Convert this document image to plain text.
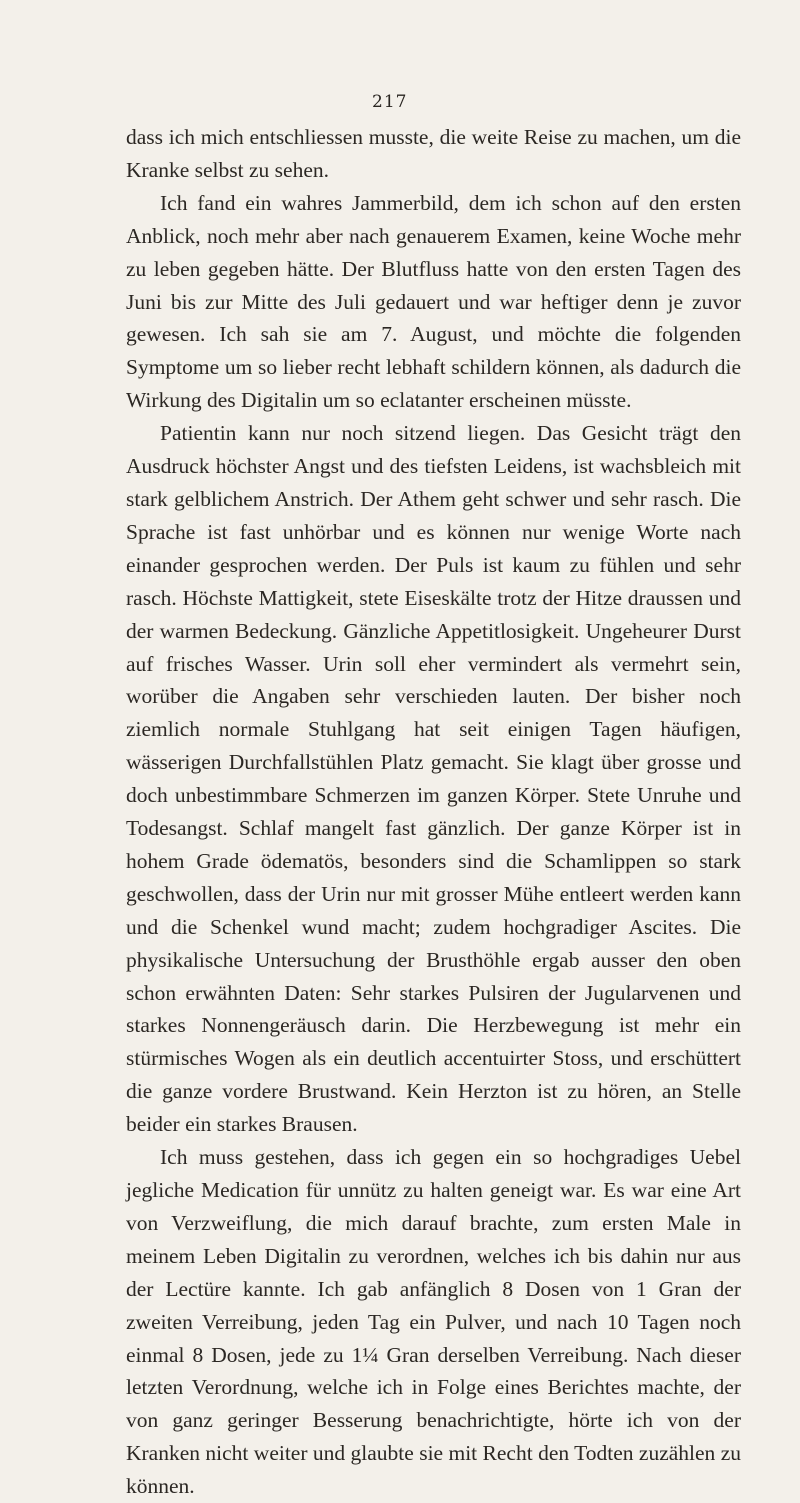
217

dass ich mich entschliessen musste, die weite Reise zu machen, um die Kranke selbst zu sehen.

Ich fand ein wahres Jammerbild, dem ich schon auf den ersten Anblick, noch mehr aber nach genauerem Examen, keine Woche mehr zu leben gegeben hätte. Der Blutfluss hatte von den ersten Tagen des Juni bis zur Mitte des Juli gedauert und war heftiger denn je zuvor gewesen. Ich sah sie am 7. August, und möchte die folgenden Symptome um so lieber recht lebhaft schildern können, als dadurch die Wirkung des Digitalin um so eclatanter erscheinen müsste.

Patientin kann nur noch sitzend liegen. Das Gesicht trägt den Ausdruck höchster Angst und des tiefsten Leidens, ist wachsbleich mit stark gelblichem Anstrich. Der Athem geht schwer und sehr rasch. Die Sprache ist fast unhörbar und es können nur wenige Worte nach einander gesprochen werden. Der Puls ist kaum zu fühlen und sehr rasch. Höchste Mattigkeit, stete Eiseskälte trotz der Hitze draussen und der warmen Bedeckung. Gänzliche Appetitlosigkeit. Ungeheurer Durst auf frisches Wasser. Urin soll eher vermindert als vermehrt sein, worüber die Angaben sehr verschieden lauten. Der bisher noch ziemlich normale Stuhlgang hat seit einigen Tagen häufigen, wässerigen Durchfallstühlen Platz gemacht. Sie klagt über grosse und doch unbestimmbare Schmerzen im ganzen Körper. Stete Unruhe und Todesangst. Schlaf mangelt fast gänzlich. Der ganze Körper ist in hohem Grade ödematös, besonders sind die Schamlippen so stark geschwollen, dass der Urin nur mit grosser Mühe entleert werden kann und die Schenkel wund macht; zudem hochgradiger Ascites. Die physikalische Untersuchung der Brusthöhle ergab ausser den oben schon erwähnten Daten: Sehr starkes Pulsiren der Jugularvenen und starkes Nonnengeräusch darin. Die Herzbewegung ist mehr ein stürmisches Wogen als ein deutlich accentuirter Stoss, und erschüttert die ganze vordere Brustwand. Kein Herzton ist zu hören, an Stelle beider ein starkes Brausen.

Ich muss gestehen, dass ich gegen ein so hochgradiges Uebel jegliche Medication für unnütz zu halten geneigt war. Es war eine Art von Verzweiflung, die mich darauf brachte, zum ersten Male in meinem Leben Digitalin zu verordnen, welches ich bis dahin nur aus der Lectüre kannte. Ich gab anfänglich 8 Dosen von 1 Gran der zweiten Verreibung, jeden Tag ein Pulver, und nach 10 Tagen noch einmal 8 Dosen, jede zu 1¼ Gran derselben Verreibung. Nach dieser letzten Verordnung, welche ich in Folge eines Berichtes machte, der von ganz geringer Besserung benachrichtigte, hörte ich von der Kranken nicht weiter und glaubte sie mit Recht den Todten zuzählen zu können.
